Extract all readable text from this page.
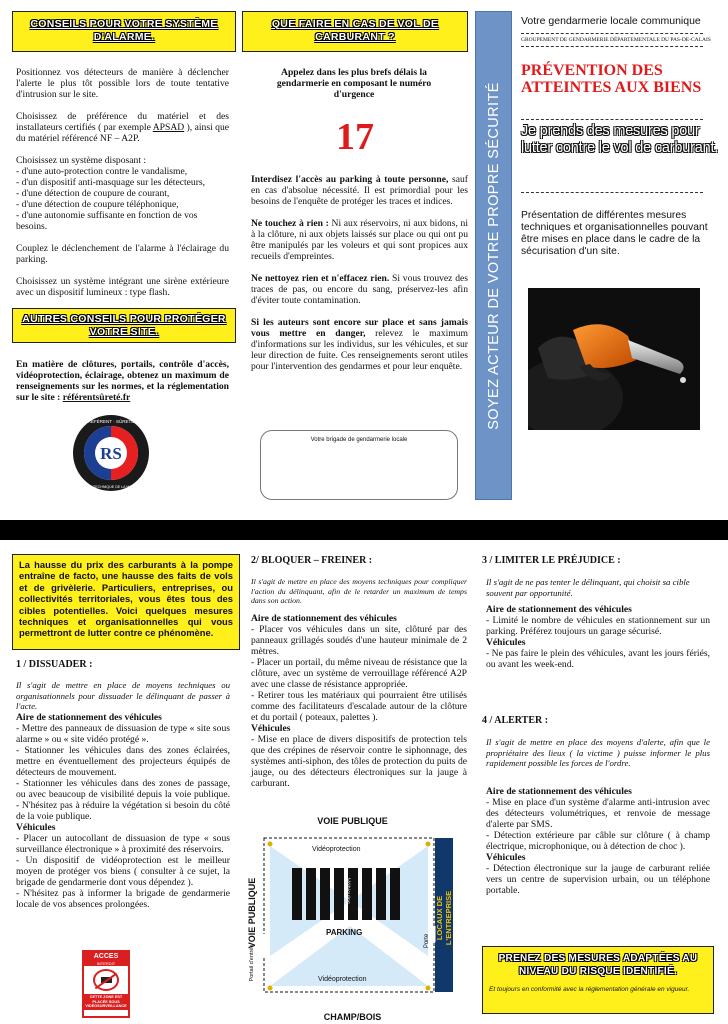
CONSEILS POUR VOTRE SYSTÈME D'ALARME.

Positionnez vos détecteurs de manière à déclencher l'alerte le plus tôt possible lors de toute tentative d'intrusion sur le site.

Choisissez de préférence du matériel et des installateurs certifiés ( par exemple APSAD ), ainsi que du matériel référencé NF – A2P.

Choisissez un système disposant :
- d'une auto-protection contre le vandalisme,
- d'un dispositif anti-masquage sur les détecteurs,
- d'une détection de coupure de courant,
- d'une détection de coupure téléphonique,
- d'une autonomie suffisante en fonction de vos besoins.

Couplez le déclenchement de l'alarme à l'éclairage du parking.

Choisissez un système intégrant une sirène extérieure avec un dispositif lumineux : type flash.

AUTRES CONSEILS POUR PROTÉGER VOTRE SITE.
En matière de clôtures, portails, contrôle d'accès, vidéoprotection, éclairage, obtenez un maximum de renseignements sur les normes, et la réglementation sur le site : référentsûreté.fr
RS
RÉFÉRENT · SÛRETÉ
PRÉVENTION TECHNIQUE DE LA MALVEILLANCE
QUE FAIRE EN CAS DE VOL DE CARBURANT ?
Appelez dans les plus brefs délais la gendarmerie en composant le numéro d'urgence
17

Interdisez l'accès au parking à toute personne, sauf en cas d'absolue nécessité. Il est primordial pour les besoins de l'enquête de protéger les traces et indices.

Ne touchez à rien : Ni aux réservoirs, ni aux bidons, ni à la clôture, ni aux objets laissés sur place ou qui ont pu être manipulés par les voleurs et qui sont propices aux recueils d'empreintes.

Ne nettoyez rien et n'effacez rien. Si vous trouvez des traces de pas, ou encore du sang, préservez-les afin d'éviter toute contamination.

Si les auteurs sont encore sur place et sans jamais vous mettre en danger, relevez le maximum d'informations sur les individus, sur les véhicules, et sur leur direction de fuite. Ces renseignements seront utiles pour l'intervention des gendarmes et pour leur enquête.

Votre brigade de gendarmerie locale
SOYEZ ACTEUR DE VOTRE PROPRE SÉCURITÉ
Votre gendarmerie locale communique
GROUPEMENT DE GENDARMERIE DÉPARTEMENTALE DU PAS-DE-CALAIS
PRÉVENTION DES ATTEINTES AUX BIENS
Je prends des mesures pour lutter contre le vol de carburant.
Présentation de différentes mesures techniques et organisationnelles pouvant être mises en place dans le cadre de la sécurisation d'un site.
La hausse du prix des carburants à la pompe entraîne de facto, une hausse des faits de vols et de grivèlerie. Particuliers, entreprises, ou collectivités territoriales, vous êtes tous des cibles potentielles. Voici quelques mesures techniques et organisationnelles qui vous permettront de lutter contre ce phénomène.
1 / DISSUADER :
Il s'agit de mettre en place de moyens techniques ou organisationnels pour dissuader le délinquant de passer à l'acte.
Aire de stationnement des véhicules
- Mettre des panneaux de dissuasion de type « site sous alarme » ou « site vidéo protégé ».
- Stationner les véhicules dans des zones éclairées, mettre en éventuellement des projecteurs équipés de détecteurs de mouvement.
- Stationner les véhicules dans des zones de passage, ou avec beaucoup de visibilité depuis la voie publique. - N'hésitez pas à réduire la végétation si besoin du côté de la voie publique.
Véhicules
- Placer un autocollant de dissuasion de type « sous surveillance électronique » à proximité des réservoirs.
- Un dispositif de vidéoprotection est le meilleur moyen de protéger vos biens ( consulter à ce sujet, la brigade de gendarmerie dont vous dépendez ).
- N'hésitez pas à informer la brigade de gendarmerie locale de vos absences prolongées.
ACCES
INTERDIT
CETTE ZONE EST PLACÉE SOUS VIDÉOSURVEILLANCE
2/ BLOQUER – FREINER :
Il s'agit de mettre en place des moyens techniques pour compliquer l'action du délinquant, afin de le retarder un maximum de temps dans son action.
Aire de stationnement des véhicules
- Placer vos véhicules dans un site, clôturé par des panneaux grillagés soudés d'une hauteur minimale de 2 mètres.
- Placer un portail, du même niveau de résistance que la clôture, avec un système de verrouillage référencé A2P avec une classe de résistance appropriée.
- Retirer tous les matériaux qui pourraient être utilisés comme des facilitateurs d'escalade autour de la clôture et du portail ( poteaux, palettes ).
Véhicules
- Mise en place de divers dispositifs de protection tels que des crépines de réservoir contre le siphonnage, des systèmes anti-siphon, des tôles de protection du puits de jauge, ou des détecteurs électroniques sur la jauge à carburant.
VOIE PUBLIQUE
CHAMP/BOIS
VOIE PUBLIQUE	LOCAUX DE L'ENTREPRISE
Vidéoprotection
Vidéoprotection
PARKING
Véhicules
Portail d'entrée
Porte
3 / LIMITER LE PRÉJUDICE :
Il s'agit de ne pas tenter le délinquant, qui choisit sa cible souvent par opportunité.
Aire de stationnement des véhicules
- Limité le nombre de véhicules en stationnement sur un parking. Préférez toujours un garage sécurisé.
Véhicules
- Ne pas faire le plein des véhicules, avant les jours fériés, ou avant les week-end.
4 / ALERTER :
Il s'agit de mettre en place des moyens d'alerte, afin que le propriétaire des lieux ( la victime ) puisse informer le plus rapidement possible les forces de l'ordre.
Aire de stationnement des véhicules
- Mise en place d'un système d'alarme anti-intrusion avec des détecteurs volumétriques, et renvoie de message d'alerte par SMS.
- Détection extérieure par câble sur clôture ( à champ électrique, microphonique, ou à détection de choc ).
Véhicules
- Détection électronique sur la jauge de carburant reliée vers un centre de supervision urbain, ou un téléphone portable.
PRENEZ DES MESURES ADAPTÉES AU NIVEAU DU RISQUE IDENTIFIÉ.
Et toujours en conformité avec la réglementation générale en vigueur.
